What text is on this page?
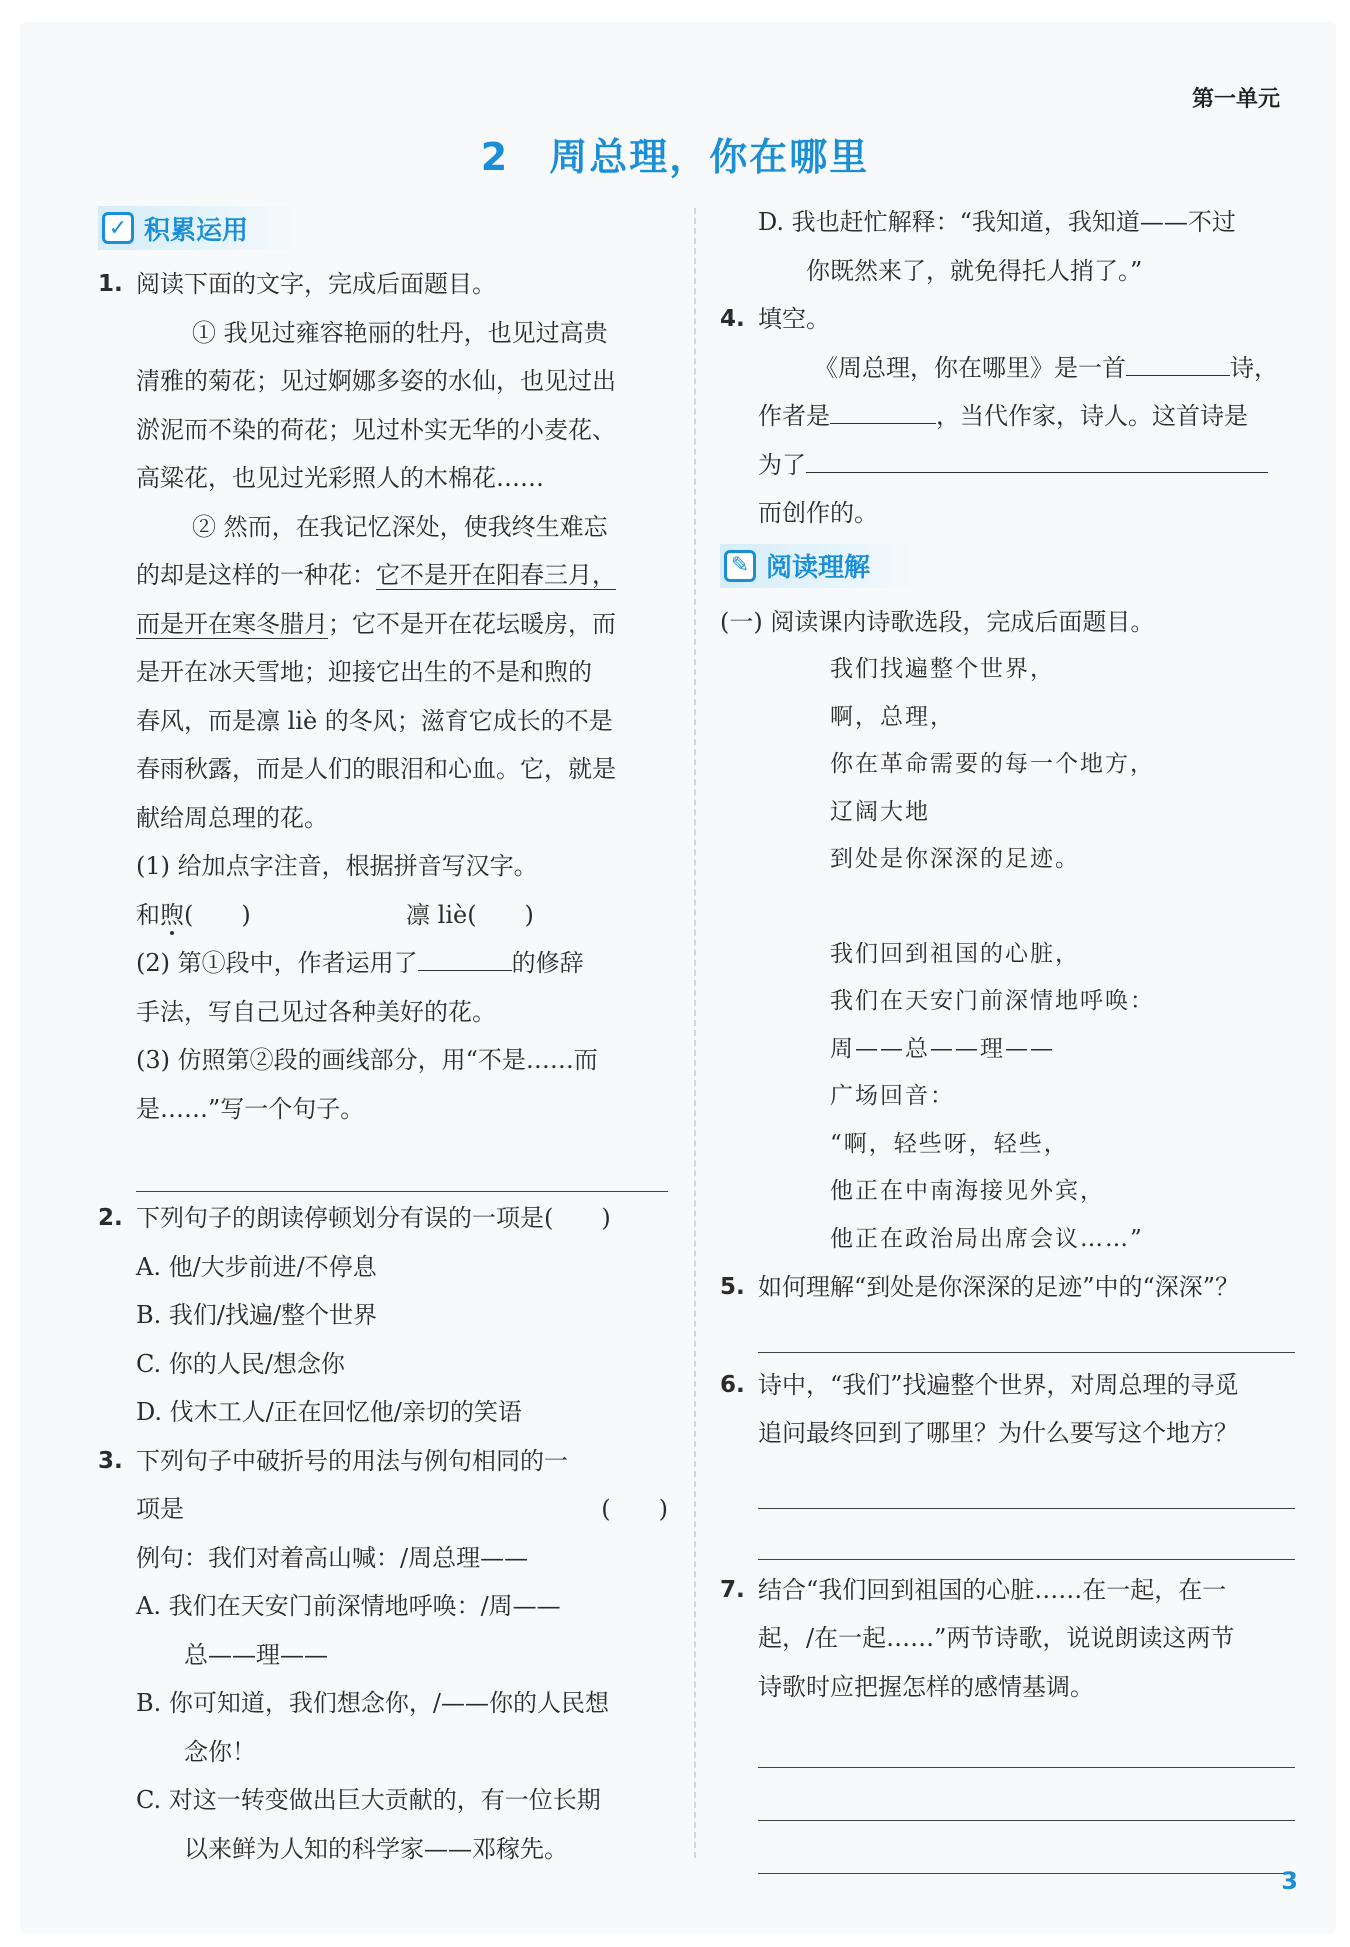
第一单元
2 周总理，你在哪里
✓ 积累运用
1. 阅读下面的文字，完成后面题目。
① 我见过雍容艳丽的牡丹，也见过高贵
清雅的菊花；见过婀娜多姿的水仙，也见过出
淤泥而不染的荷花；见过朴实无华的小麦花、
高粱花，也见过光彩照人的木棉花……
② 然而，在我记忆深处，使我终生难忘
的却是这样的一种花：它不是开在阳春三月，
而是开在寒冬腊月；它不是开在花坛暖房，而
是开在冰天雪地；迎接它出生的不是和煦的
春风，而是凛 liè 的冬风；滋育它成长的不是
春雨秋露，而是人们的眼泪和心血。它，就是
献给周总理的花。
(1) 给加点字注音，根据拼音写汉字。
和煦(　　)	凛 liè(　　)
(2) 第①段中，作者运用了	的修辞
手法，写自己见过各种美好的花。
(3) 仿照第②段的画线部分，用“不是……而
是……”写一个句子。
2. 下列句子的朗读停顿划分有误的一项是(　　)
A. 他/大步前进/不停息
B. 我们/找遍/整个世界
C. 你的人民/想念你
D. 伐木工人/正在回忆他/亲切的笑语
3. 下列句子中破折号的用法与例句相同的一
项是	(　　)
例句：我们对着高山喊：/周总理——
A. 我们在天安门前深情地呼唤：/周——
总——理——
B. 你可知道，我们想念你，/——你的人民想
念你！
C. 对这一转变做出巨大贡献的，有一位长期
以来鲜为人知的科学家——邓稼先。
D. 我也赶忙解释：“我知道，我知道——不过
你既然来了，就免得托人捎了。”
4. 填空。
《周总理，你在哪里》是一首	诗，
作者是	，当代作家，诗人。这首诗是
为了
而创作的。
✎ 阅读理解
(一) 阅读课内诗歌选段，完成后面题目。
我们找遍整个世界，
啊，总理，
你在革命需要的每一个地方，
辽阔大地
到处是你深深的足迹。
我们回到祖国的心脏，
我们在天安门前深情地呼唤：
周——总——理——
广场回音：
“啊，轻些呀，轻些，
他正在中南海接见外宾，
他正在政治局出席会议……”
5. 如何理解“到处是你深深的足迹”中的“深深”？
6. 诗中，“我们”找遍整个世界，对周总理的寻觅
追问最终回到了哪里？为什么要写这个地方？
7. 结合“我们回到祖国的心脏……在一起，在一
起，/在一起……”两节诗歌，说说朗读这两节
诗歌时应把握怎样的感情基调。
3
